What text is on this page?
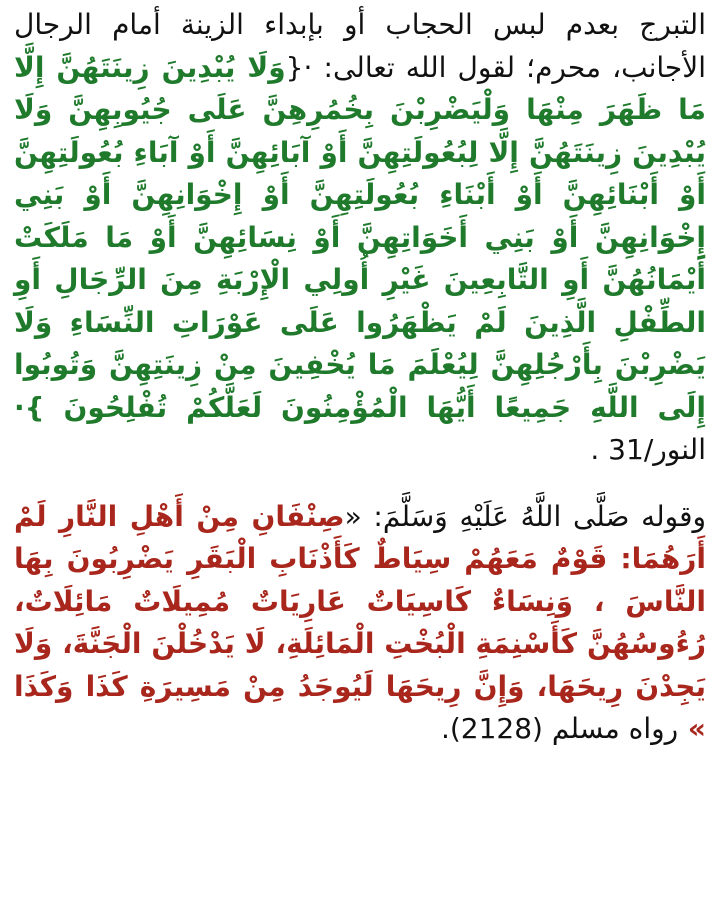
التبرج بعدم لبس الحجاب أو بإبداء الزينة أمام الرجال الأجانب، محرم؛ لقول الله تعالى: ·{وَلَا يُبْدِينَ زِينَتَهُنَّ إِلَّا مَا ظَهَرَ مِنْهَا وَلْيَضْرِبْنَ بِخُمُرِهِنَّ عَلَى جُيُوبِهِنَّ وَلَا يُبْدِينَ زِينَتَهُنَّ إِلَّا لِبُعُولَتِهِنَّ أَوْ آبَائِهِنَّ أَوْ آبَاءِ بُعُولَتِهِنَّ أَوْ أَبْنَائِهِنَّ أَوْ أَبْنَاءِ بُعُولَتِهِنَّ أَوْ إِخْوَانِهِنَّ أَوْ بَنِي إِخْوَانِهِنَّ أَوْ بَنِي أَخَوَاتِهِنَّ أَوْ نِسَائِهِنَّ أَوْ مَا مَلَكَتْ أَيْمَانُهُنَّ أَوِ التَّابِعِينَ غَيْرِ أُولِي الْإِرْبَةِ مِنَ الرِّجَالِ أَوِ الطِّفْلِ الَّذِينَ لَمْ يَظْهَرُوا عَلَى عَوْرَاتِ النِّسَاءِ وَلَا يَضْرِبْنَ بِأَرْجُلِهِنَّ لِيُعْلَمَ مَا يُخْفِينَ مِنْ زِينَتِهِنَّ وَتُوبُوا إِلَى اللَّهِ جَمِيعًا أَيُّهَا الْمُؤْمِنُونَ لَعَلَّكُمْ تُفْلِحُونَ }· النور/31 .

وقوله صَلَّى اللَّهُ عَلَيْهِ وَسَلَّمَ: «صِنْفَانِ مِنْ أَهْلِ النَّارِ لَمْ أَرَهُمَا: قَوْمٌ مَعَهُمْ سِيَاطٌ كَأَذْنَابِ الْبَقَرِ يَضْرِبُونَ بِهَا النَّاسَ ، وَنِسَاءٌ كَاسِيَاتٌ عَارِيَاتٌ مُمِيلَاتٌ مَائِلَاتٌ، رُءُوسُهُنَّ كَأَسْنِمَةِ الْبُخْتِ الْمَائِلَةِ، لَا يَدْخُلْنَ الْجَنَّةَ، وَلَا يَجِدْنَ رِيحَهَا، وَإِنَّ رِيحَهَا لَيُوجَدُ مِنْ مَسِيرَةِ كَذَا وَكَذَا » رواه مسلم (2128).
